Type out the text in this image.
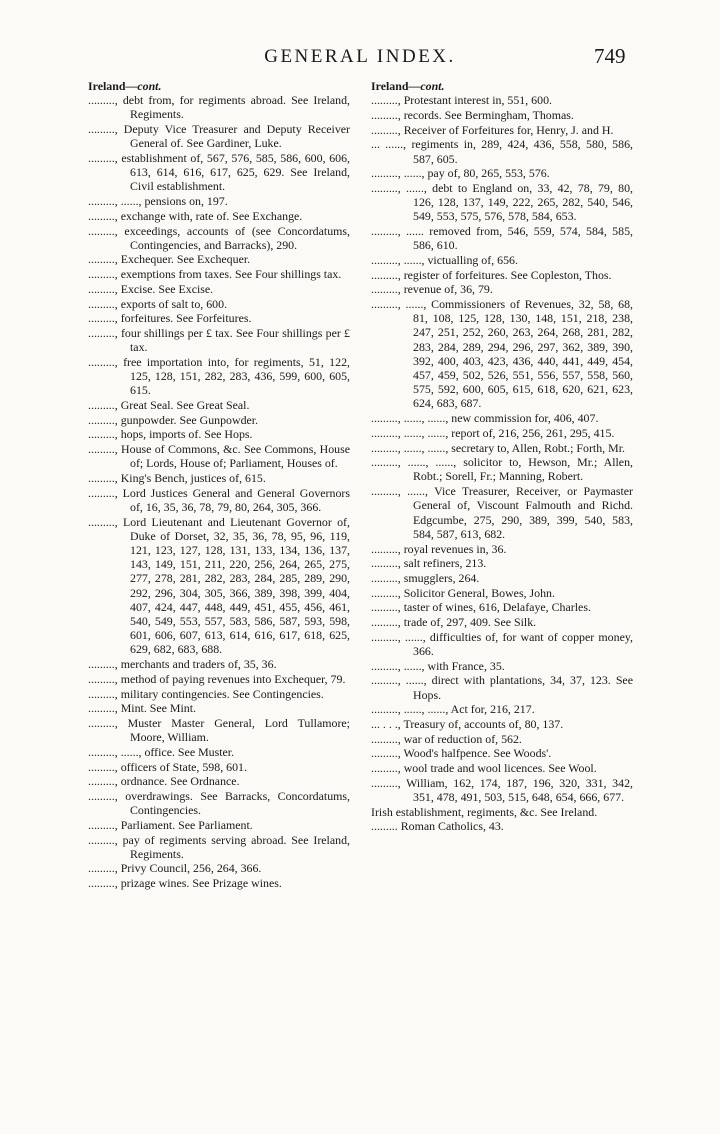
GENERAL INDEX.	749
Ireland—cont.

........., debt from, for regiments abroad. See Ireland, Regiments.

........., Deputy Vice Treasurer and Deputy Receiver General of. See Gardiner, Luke.

........., establishment of, 567, 576, 585, 586, 600, 606, 613, 614, 616, 617, 625, 629. See Ireland, Civil establishment.

........., ......, pensions on, 197.

........., exchange with, rate of. See Exchange.

........., exceedings, accounts of (see Concordatums, Contingencies, and Barracks), 290.

........., Exchequer. See Exchequer.

........., exemptions from taxes. See Four shillings tax.

........., Excise. See Excise.

........., exports of salt to, 600.

........., forfeitures. See Forfeitures.

........., four shillings per £ tax. See Four shillings per £ tax.

........., free importation into, for regiments, 51, 122, 125, 128, 151, 282, 283, 436, 599, 600, 605, 615.

........., Great Seal. See Great Seal.

........., gunpowder. See Gunpowder.

........., hops, imports of. See Hops.

........., House of Commons, &c. See Commons, House of; Lords, House of; Parliament, Houses of.

........., King's Bench, justices of, 615.

........., Lord Justices General and General Governors of, 16, 35, 36, 78, 79, 80, 264, 305, 366.

........., Lord Lieutenant and Lieutenant Governor of, Duke of Dorset, 32, 35, 36, 78, 95, 96, 119, 121, 123, 127, 128, 131, 133, 134, 136, 137, 143, 149, 151, 211, 220, 256, 264, 265, 275, 277, 278, 281, 282, 283, 284, 285, 289, 290, 292, 296, 304, 305, 366, 389, 398, 399, 404, 407, 424, 447, 448, 449, 451, 455, 456, 461, 540, 549, 553, 557, 583, 586, 587, 593, 598, 601, 606, 607, 613, 614, 616, 617, 618, 625, 629, 682, 683, 688.

........., merchants and traders of, 35, 36.

........., method of paying revenues into Exchequer, 79.

........., military contingencies. See Contingencies.

........., Mint. See Mint.

........., Muster Master General, Lord Tullamore; Moore, William.

........., ......, office. See Muster.

........., officers of State, 598, 601.

........., ordnance. See Ordnance.

........., overdrawings. See Barracks, Concordatums, Contingencies.

........., Parliament. See Parliament.

........., pay of regiments serving abroad. See Ireland, Regiments.

........., Privy Council, 256, 264, 366.

........., prizage wines. See Prizage wines.

Ireland—cont.

........., Protestant interest in, 551, 600.

........., records. See Bermingham, Thomas.

........., Receiver of Forfeitures for, Henry, J. and H.

... ......, regiments in, 289, 424, 436, 558, 580, 586, 587, 605.

........., ......, pay of, 80, 265, 553, 576.

........., ......, debt to England on, 33, 42, 78, 79, 80, 126, 128, 137, 149, 222, 265, 282, 540, 546, 549, 553, 575, 576, 578, 584, 653.

........., ...... removed from, 546, 559, 574, 584, 585, 586, 610.

........., ......, victualling of, 656.

........., register of forfeitures. See Copleston, Thos.

........., revenue of, 36, 79.

........., ......, Commissioners of Revenues, 32, 58, 68, 81, 108, 125, 128, 130, 148, 151, 218, 238, 247, 251, 252, 260, 263, 264, 268, 281, 282, 283, 284, 289, 294, 296, 297, 362, 389, 390, 392, 400, 403, 423, 436, 440, 441, 449, 454, 457, 459, 502, 526, 551, 556, 557, 558, 560, 575, 592, 600, 605, 615, 618, 620, 621, 623, 624, 683, 687.

........., ......, ......, new commission for, 406, 407.

........., ......, ......, report of, 216, 256, 261, 295, 415.

........., ......, ......, secretary to, Allen, Robt.; Forth, Mr.

........., ......, ......, solicitor to, Hewson, Mr.; Allen, Robt.; Sorell, Fr.; Manning, Robert.

........., ......, Vice Treasurer, Receiver, or Paymaster General of, Viscount Falmouth and Richd. Edgcumbe, 275, 290, 389, 399, 540, 583, 584, 587, 613, 682.

........., royal revenues in, 36.

........., salt refiners, 213.

........., smugglers, 264.

........., Solicitor General, Bowes, John.

........., taster of wines, 616, Delafaye, Charles.

........., trade of, 297, 409. See Silk.

........., ......, difficulties of, for want of copper money, 366.

........., ......, with France, 35.

........., ......, direct with plantations, 34, 37, 123. See Hops.

........., ......, ......, Act for, 216, 217.

... . . ., Treasury of, accounts of, 80, 137.

........., war of reduction of, 562.

........., Wood's halfpence. See Woods'.

........., wool trade and wool licences. See Wool.

........., William, 162, 174, 187, 196, 320, 331, 342, 351, 478, 491, 503, 515, 648, 654, 666, 677.

Irish establishment, regiments, &c. See Ireland.

......... Roman Catholics, 43.
